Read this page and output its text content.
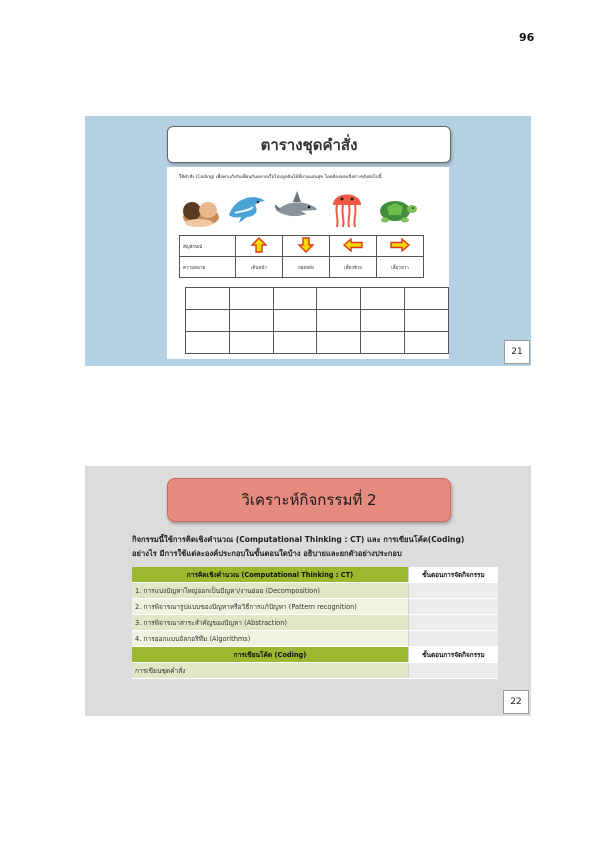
96
ตารางชุดคำสั่ง
ใช้คำสั่ง (Coding) เพื่อพาแก๊งกับเพื่อนกันหลายเรื่อไปปลูกต้นไม้ที่ยามแสนสุข โดยต้องหลบสิ่งต่างๆดังต่อไปนี้
สัญลักษณ์				
ความหมาย	เดินหน้า	ถอยหลัง	เลี้ยวซ้าย	เลี้ยวขวา

21
วิเคราะห์กิจกรรมที่ 2
กิจกรรมนี้ใช้การคิดเชิงคำนวณ (Computational Thinking : CT) และ การเขียนโค้ด(Coding)
อย่างไร มีการใช้แต่ละองค์ประกอบในขั้นตอนใดบ้าง อธิบายและยกตัวอย่างประกอบ
การคิดเชิงคำนวณ (Computational Thinking : CT)	ขั้นตอนการจัดกิจกรรม
1. การแบ่งปัญหาใหญ่ออกเป็นปัญหา/งานย่อย (Decomposition)	
2. การพิจารณารูปแบบของปัญหาหรือวิธีการแก้ปัญหา (Pattern recognition)	
3. การพิจารณาสาระสำคัญของปัญหา (Abstraction)	
4. การออกแบบอัลกอริทึม (Algorithms)	
การเขียนโค้ด (Coding)	ขั้นตอนการจัดกิจกรรม
การเขียนชุดคำสั่ง	
22
